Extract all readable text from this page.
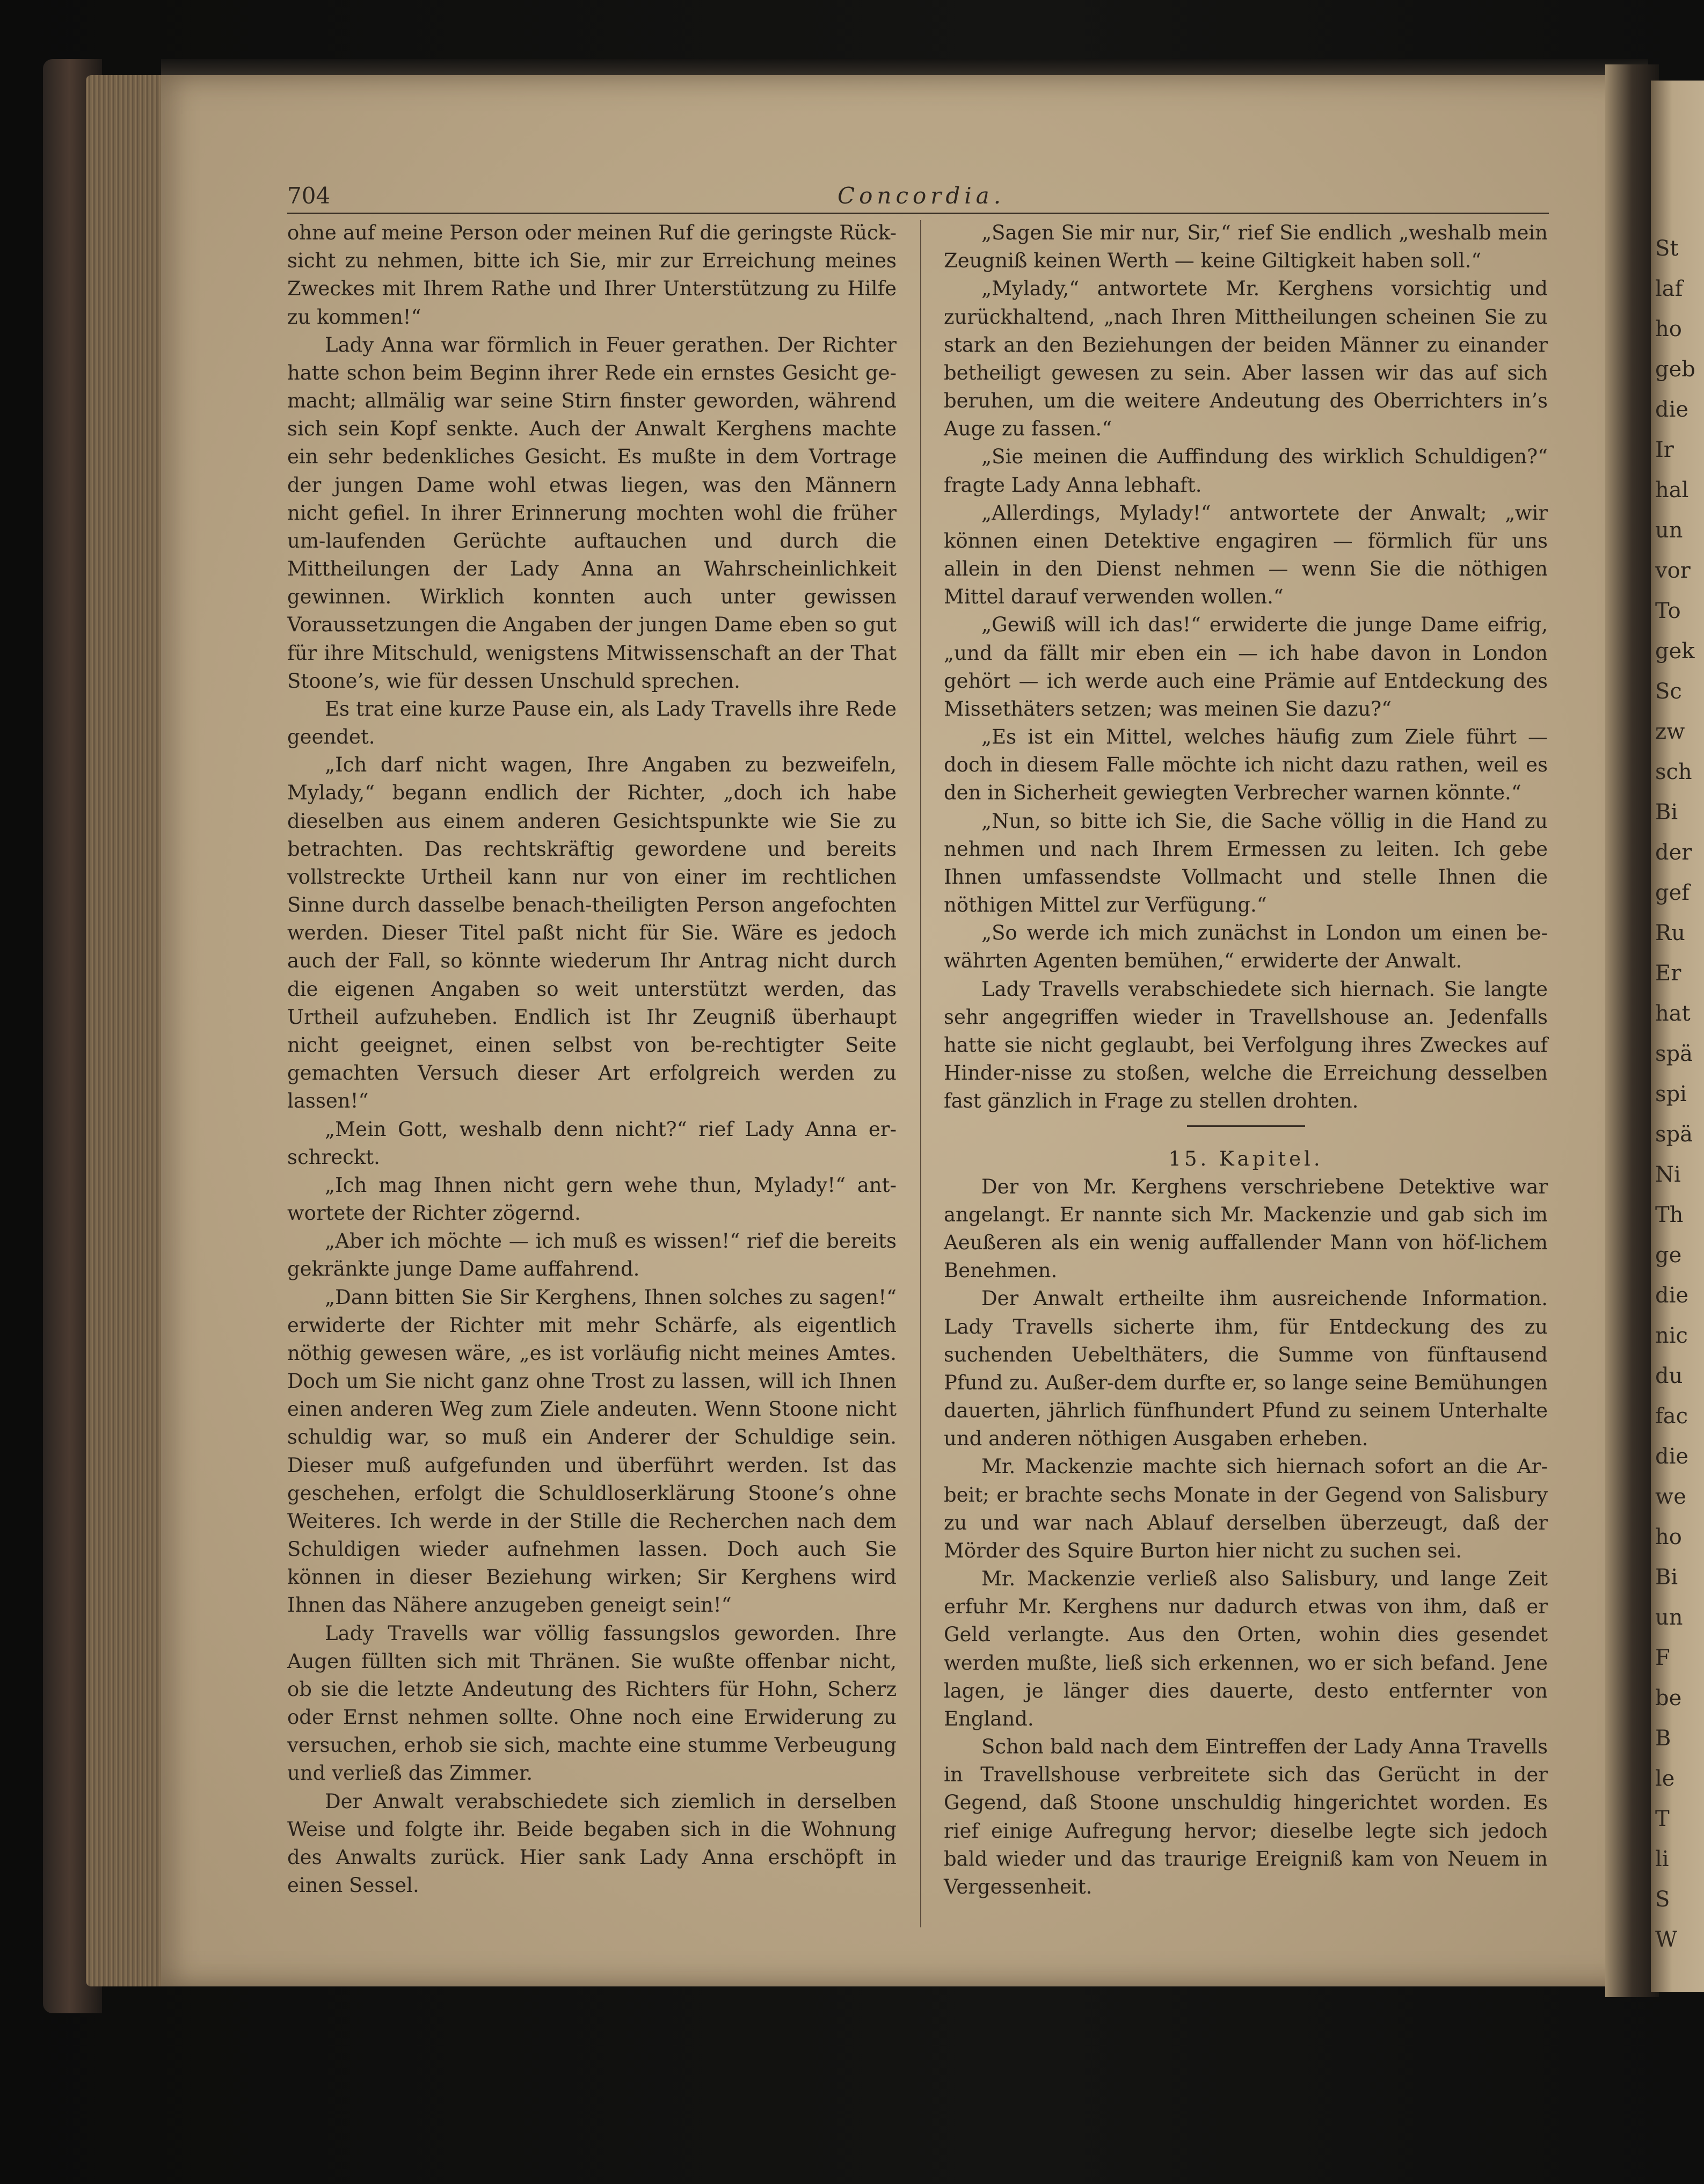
St
laf
ho
geb
die
Ir
hal
un
vor
To
gek
Sc
zw
sch
Bi
der
gef
Ru
Er
hat
spä
spi
spä
Ni
Th
ge
die
nic
du
fac
die
we
ho
Bi
un
F
be
B
le
T
li
S
W
704	Concordia.

ohne auf meine Person oder meinen Ruf die geringste Rück-sicht zu nehmen, bitte ich Sie, mir zur Erreichung meines Zweckes mit Ihrem Rathe und Ihrer Unterstützung zu Hilfe zu kommen!“

Lady Anna war förmlich in Feuer gerathen. Der Richter hatte schon beim Beginn ihrer Rede ein ernstes Gesicht ge-macht; allmälig war seine Stirn finster geworden, während sich sein Kopf senkte. Auch der Anwalt Kerghens machte ein sehr bedenkliches Gesicht. Es mußte in dem Vortrage der jungen Dame wohl etwas liegen, was den Männern nicht gefiel. In ihrer Erinnerung mochten wohl die früher um-laufenden Gerüchte auftauchen und durch die Mittheilungen der Lady Anna an Wahrscheinlichkeit gewinnen. Wirklich konnten auch unter gewissen Voraussetzungen die Angaben der jungen Dame eben so gut für ihre Mitschuld, wenigstens Mitwissenschaft an der That Stoone’s, wie für dessen Unschuld sprechen.

Es trat eine kurze Pause ein, als Lady Travells ihre Rede geendet.

„Ich darf nicht wagen, Ihre Angaben zu bezweifeln, Mylady,“ begann endlich der Richter, „doch ich habe dieselben aus einem anderen Gesichtspunkte wie Sie zu betrachten. Das rechtskräftig gewordene und bereits vollstreckte Urtheil kann nur von einer im rechtlichen Sinne durch dasselbe benach-theiligten Person angefochten werden. Dieser Titel paßt nicht für Sie. Wäre es jedoch auch der Fall, so könnte wiederum Ihr Antrag nicht durch die eigenen Angaben so weit unterstützt werden, das Urtheil aufzuheben. Endlich ist Ihr Zeugniß überhaupt nicht geeignet, einen selbst von be-rechtigter Seite gemachten Versuch dieser Art erfolgreich werden zu lassen!“

„Mein Gott, weshalb denn nicht?“ rief Lady Anna er-schreckt.

„Ich mag Ihnen nicht gern wehe thun, Mylady!“ ant-wortete der Richter zögernd.

„Aber ich möchte — ich muß es wissen!“ rief die bereits gekränkte junge Dame auffahrend.

„Dann bitten Sie Sir Kerghens, Ihnen solches zu sagen!“ erwiderte der Richter mit mehr Schärfe, als eigentlich nöthig gewesen wäre, „es ist vorläufig nicht meines Amtes. Doch um Sie nicht ganz ohne Trost zu lassen, will ich Ihnen einen anderen Weg zum Ziele andeuten. Wenn Stoone nicht schuldig war, so muß ein Anderer der Schuldige sein. Dieser muß aufgefunden und überführt werden. Ist das geschehen, erfolgt die Schuldloserklärung Stoone’s ohne Weiteres. Ich werde in der Stille die Recherchen nach dem Schuldigen wieder aufnehmen lassen. Doch auch Sie können in dieser Beziehung wirken; Sir Kerghens wird Ihnen das Nähere anzugeben geneigt sein!“

Lady Travells war völlig fassungslos geworden. Ihre Augen füllten sich mit Thränen. Sie wußte offenbar nicht, ob sie die letzte Andeutung des Richters für Hohn, Scherz oder Ernst nehmen sollte. Ohne noch eine Erwiderung zu versuchen, erhob sie sich, machte eine stumme Verbeugung und verließ das Zimmer.

Der Anwalt verabschiedete sich ziemlich in derselben Weise und folgte ihr. Beide begaben sich in die Wohnung des Anwalts zurück. Hier sank Lady Anna erschöpft in einen Sessel.

„Sagen Sie mir nur, Sir,“ rief Sie endlich „weshalb mein Zeugniß keinen Werth — keine Giltigkeit haben soll.“

„Mylady,“ antwortete Mr. Kerghens vorsichtig und zurückhaltend, „nach Ihren Mittheilungen scheinen Sie zu stark an den Beziehungen der beiden Männer zu einander betheiligt gewesen zu sein. Aber lassen wir das auf sich beruhen, um die weitere Andeutung des Oberrichters in’s Auge zu fassen.“

„Sie meinen die Auffindung des wirklich Schuldigen?“ fragte Lady Anna lebhaft.

„Allerdings, Mylady!“ antwortete der Anwalt; „wir können einen Detektive engagiren — förmlich für uns allein in den Dienst nehmen — wenn Sie die nöthigen Mittel darauf verwenden wollen.“

„Gewiß will ich das!“ erwiderte die junge Dame eifrig, „und da fällt mir eben ein — ich habe davon in London gehört — ich werde auch eine Prämie auf Entdeckung des Missethäters setzen; was meinen Sie dazu?“

„Es ist ein Mittel, welches häufig zum Ziele führt — doch in diesem Falle möchte ich nicht dazu rathen, weil es den in Sicherheit gewiegten Verbrecher warnen könnte.“

„Nun, so bitte ich Sie, die Sache völlig in die Hand zu nehmen und nach Ihrem Ermessen zu leiten. Ich gebe Ihnen umfassendste Vollmacht und stelle Ihnen die nöthigen Mittel zur Verfügung.“

„So werde ich mich zunächst in London um einen be-währten Agenten bemühen,“ erwiderte der Anwalt.

Lady Travells verabschiedete sich hiernach. Sie langte sehr angegriffen wieder in Travellshouse an. Jedenfalls hatte sie nicht geglaubt, bei Verfolgung ihres Zweckes auf Hinder-nisse zu stoßen, welche die Erreichung desselben fast gänzlich in Frage zu stellen drohten.

15. Kapitel.

Der von Mr. Kerghens verschriebene Detektive war angelangt. Er nannte sich Mr. Mackenzie und gab sich im Aeußeren als ein wenig auffallender Mann von höf-lichem Benehmen.

Der Anwalt ertheilte ihm ausreichende Information. Lady Travells sicherte ihm, für Entdeckung des zu suchenden Uebelthäters, die Summe von fünftausend Pfund zu. Außer-dem durfte er, so lange seine Bemühungen dauerten, jährlich fünfhundert Pfund zu seinem Unterhalte und anderen nöthigen Ausgaben erheben.

Mr. Mackenzie machte sich hiernach sofort an die Ar-beit; er brachte sechs Monate in der Gegend von Salisbury zu und war nach Ablauf derselben überzeugt, daß der Mörder des Squire Burton hier nicht zu suchen sei.

Mr. Mackenzie verließ also Salisbury, und lange Zeit erfuhr Mr. Kerghens nur dadurch etwas von ihm, daß er Geld verlangte. Aus den Orten, wohin dies gesendet werden mußte, ließ sich erkennen, wo er sich befand. Jene lagen, je länger dies dauerte, desto entfernter von England.

Schon bald nach dem Eintreffen der Lady Anna Travells in Travellshouse verbreitete sich das Gerücht in der Gegend, daß Stoone unschuldig hingerichtet worden. Es rief einige Aufregung hervor; dieselbe legte sich jedoch bald wieder und das traurige Ereigniß kam von Neuem in Vergessenheit.
